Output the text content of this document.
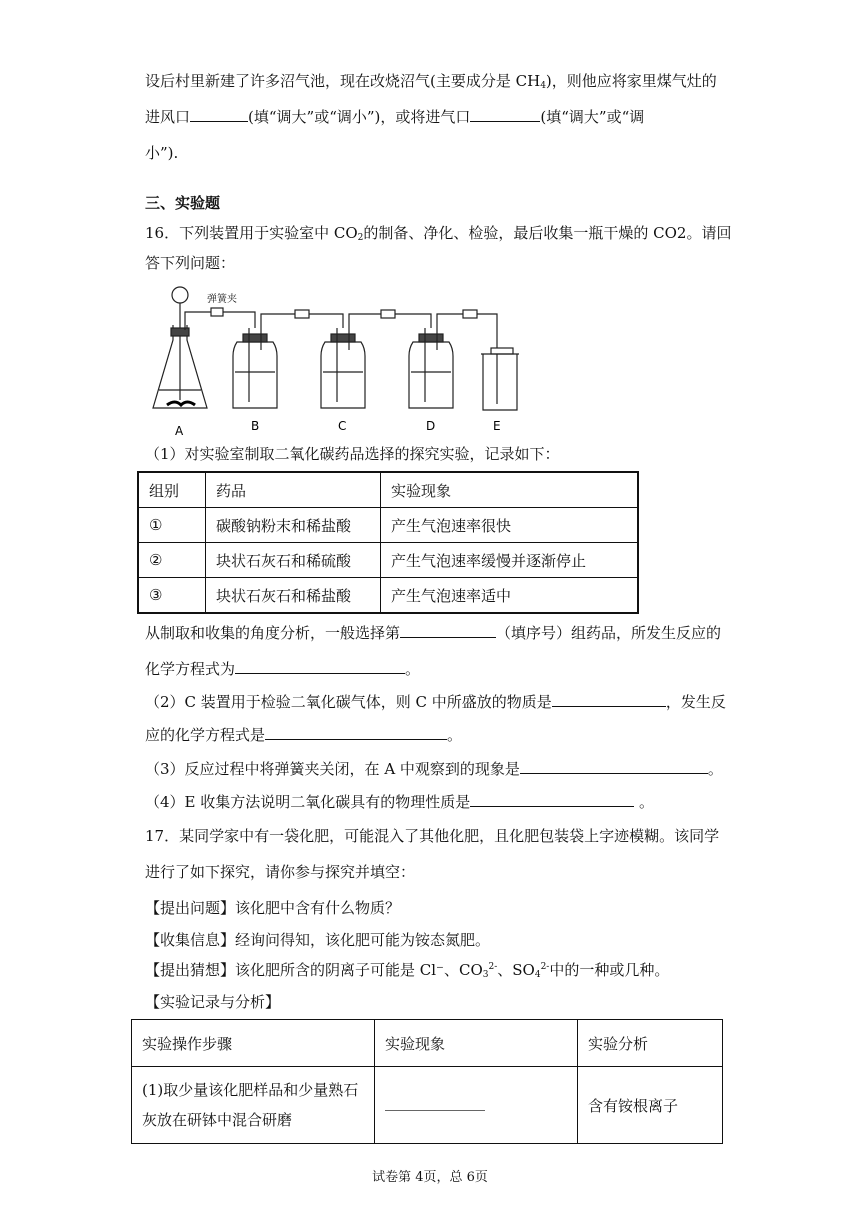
设后村里新建了许多沼气池，现在改烧沼气(主要成分是 $CH_4$)，则他应将家里煤气灶的
进风口	(填“调大”或“调小”)，或将进气口	(填“调大”或“调
小”).
三、实验题
16．下列装置用于实验室中 $CO_2$的制备、净化、检验，最后收集一瓶干燥的 CO2。请回
答下列问题：
弹簧夹
A	B	C	D	E
（1）对实验室制取二氧化碳药品选择的探究实验，记录如下：
组别	药品	实验现象
①	碳酸钠粉末和稀盐酸	产生气泡速率很快
②	块状石灰石和稀硫酸	产生气泡速率缓慢并逐渐停止
③	块状石灰石和稀盐酸	产生气泡速率适中
从制取和收集的角度分析，一般选择第	（填序号）组药品，所发生反应的
化学方程式为	。
（2）C 装置用于检验二氧化碳气体，则 C 中所盛放的物质是	，发生反
应的化学方程式是	。
（3）反应过程中将弹簧夹关闭，在 A 中观察到的现象是	。
（4）E 收集方法说明二氧化碳具有的物理性质是	。
17．某同学家中有一袋化肥，可能混入了其他化肥，且化肥包装袋上字迹模糊。该同学
进行了如下探究，请你参与探究并填空：
【提出问题】该化肥中含有什么物质？
【收集信息】经询问得知，该化肥可能为铵态氮肥。
【提出猜想】该化肥所含的阴离子可能是 Cl⁻、$CO_3^{2-}$、$SO_4^{2-}$中的一种或几种。
【实验记录与分析】
实验操作步骤	实验现象	实验分析

(1)取少量该化肥样品和少量熟石
灰放在研钵中混合研磨		含有铵根离子
试卷第 4页，总 6页
